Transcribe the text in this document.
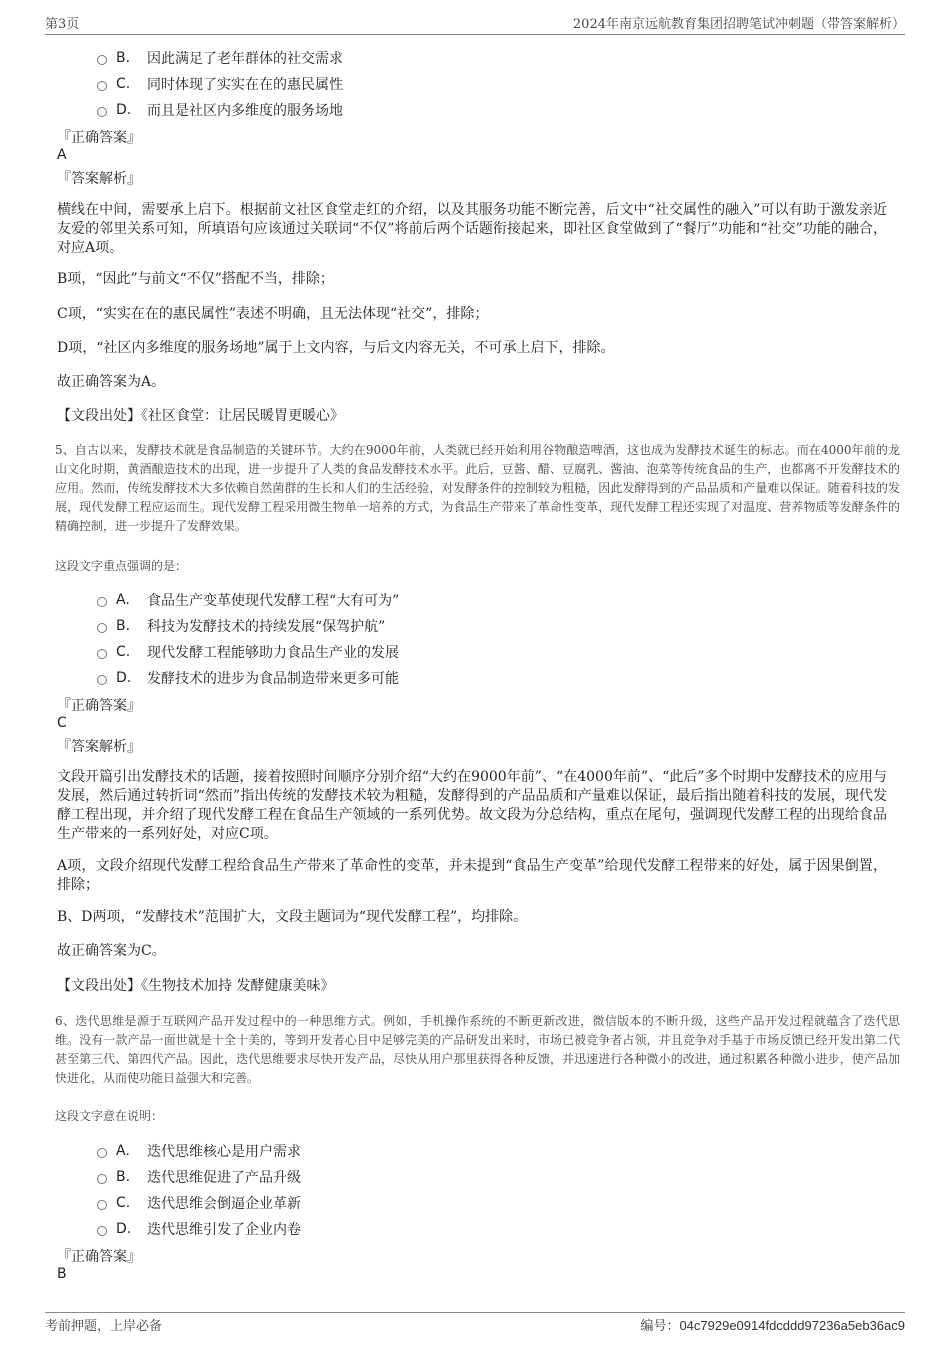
第3页	2024年南京远航教育集团招聘笔试冲刺题（带答案解析）
B.	因此满足了老年群体的社交需求
C.	同时体现了实实在在的惠民属性
D.	而且是社区内多维度的服务场地
『正确答案』
A
『答案解析』
横线在中间，需要承上启下。根据前文社区食堂走红的介绍，以及其服务功能不断完善，后文中“社交属性的融入”可以有助于激发亲近友爱的邻里关系可知，所填语句应该通过关联词“不仅”将前后两个话题衔接起来，即社区食堂做到了“餐厅”功能和“社交”功能的融合，对应A项。
B项，“因此”与前文“不仅”搭配不当，排除；
C项，“实实在在的惠民属性”表述不明确，且无法体现“社交”，排除；
D项，“社区内多维度的服务场地”属于上文内容，与后文内容无关，不可承上启下，排除。
故正确答案为A。
【文段出处】《社区食堂：让居民暖胃更暖心》
5、自古以来，发酵技术就是食品制造的关键环节。大约在9000年前，人类就已经开始利用谷物酿造啤酒，这也成为发酵技术诞生的标志。而在4000年前的龙山文化时期，黄酒酿造技术的出现，进一步提升了人类的食品发酵技术水平。此后，豆酱、醋、豆腐乳、酱油、泡菜等传统食品的生产，也都离不开发酵技术的应用。然而，传统发酵技术大多依赖自然菌群的生长和人们的生活经验，对发酵条件的控制较为粗糙，因此发酵得到的产品品质和产量难以保证。随着科技的发展，现代发酵工程应运而生。现代发酵工程采用微生物单一培养的方式，为食品生产带来了革命性变革，现代发酵工程还实现了对温度、营养物质等发酵条件的精确控制，进一步提升了发酵效果。
这段文字重点强调的是：
A.	食品生产变革使现代发酵工程“大有可为”
B.	科技为发酵技术的持续发展“保驾护航”
C.	现代发酵工程能够助力食品生产业的发展
D.	发酵技术的进步为食品制造带来更多可能
『正确答案』
C
『答案解析』
文段开篇引出发酵技术的话题，接着按照时间顺序分别介绍“大约在9000年前”、“在4000年前”、“此后”多个时期中发酵技术的应用与发展，然后通过转折词“然而”指出传统的发酵技术较为粗糙，发酵得到的产品品质和产量难以保证，最后指出随着科技的发展，现代发酵工程出现，并介绍了现代发酵工程在食品生产领域的一系列优势。故文段为分总结构，重点在尾句，强调现代发酵工程的出现给食品生产带来的一系列好处，对应C项。
A项，文段介绍现代发酵工程给食品生产带来了革命性的变革，并未提到“食品生产变革”给现代发酵工程带来的好处，属于因果倒置，排除；
B、D两项，“发酵技术”范围扩大，文段主题词为“现代发酵工程”，均排除。
故正确答案为C。
【文段出处】《生物技术加持 发酵健康美味》
6、迭代思维是源于互联网产品开发过程中的一种思维方式。例如，手机操作系统的不断更新改进，微信版本的不断升级，这些产品开发过程就蕴含了迭代思维。没有一款产品一面世就是十全十美的，等到开发者心目中足够完美的产品研发出来时，市场已被竞争者占领，并且竞争对手基于市场反馈已经开发出第二代甚至第三代、第四代产品。因此，迭代思维要求尽快开发产品，尽快从用户那里获得各种反馈，并迅速进行各种微小的改进，通过积累各种微小进步，使产品加快进化，从而使功能日益强大和完善。
这段文字意在说明：
A.	迭代思维核心是用户需求
B.	迭代思维促进了产品升级
C.	迭代思维会倒逼企业革新
D.	迭代思维引发了企业内卷
『正确答案』
B
考前押题，上岸必备	编号：04c7929e0914fdcddd97236a5eb36ac9
